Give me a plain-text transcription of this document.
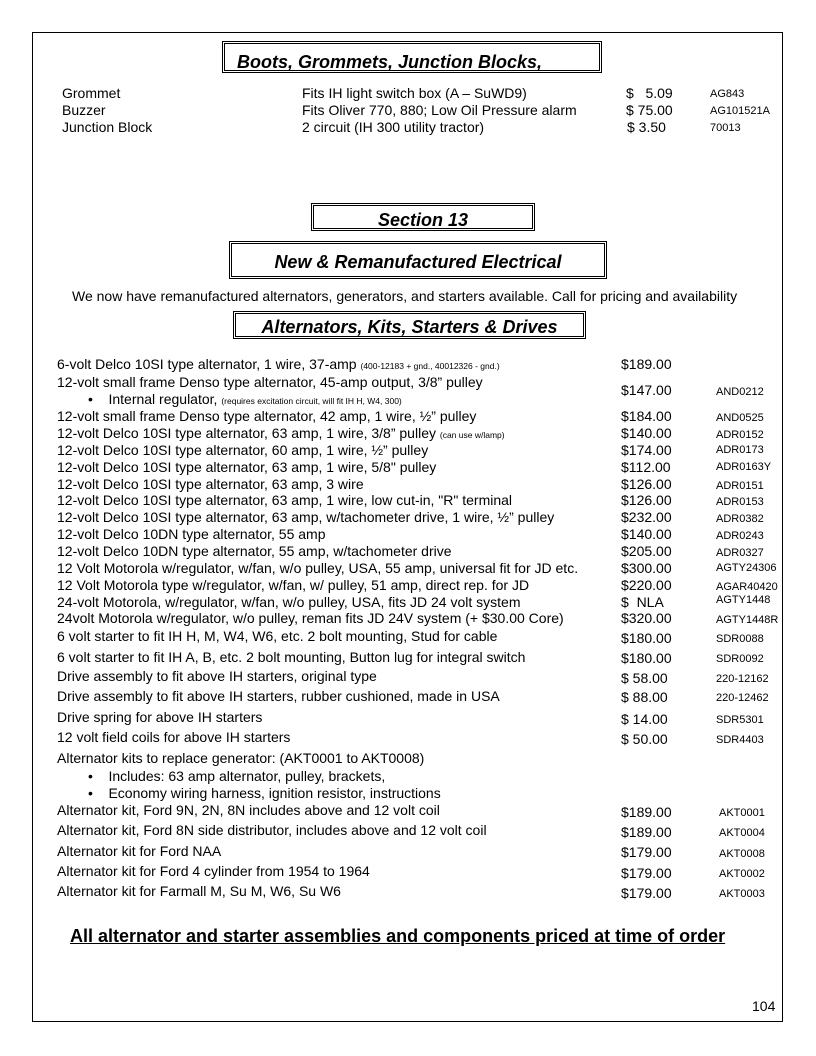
Boots, Grommets, Junction Blocks,
Grommet	Fits IH light switch box (A – SuWD9)	$   5.09	AG843
Buzzer	Fits Oliver 770, 880; Low Oil Pressure alarm	$ 75.00	AG101521A
Junction Block	2 circuit (IH 300 utility tractor)	$ 3.50	70013
Section 13
New & Remanufactured Electrical
We now have remanufactured alternators, generators, and starters available. Call for pricing and availability
Alternators, Kits, Starters & Drives
6-volt Delco 10SI type alternator, 1 wire, 37-amp (400-12183 + gnd., 40012326 - gnd.)	$189.00
12-volt small frame Denso type alternator, 45-amp output, 3/8” pulley	$147.00	AND0212
• Internal regulator, (requires excitation circuit, will fit IH H, W4, 300)
12-volt small frame Denso type alternator, 42 amp, 1 wire, ½” pulley	$184.00	AND0525
12-volt Delco 10SI type alternator, 63 amp, 1 wire, 3/8” pulley (can use w/lamp)	$140.00	ADR0152
12-volt Delco 10SI type alternator, 60 amp, 1 wire, ½” pulley	$174.00	ADR0173
12-volt Delco 10SI type alternator, 63 amp, 1 wire, 5/8" pulley	$112.00	ADR0163Y
12-volt Delco 10SI type alternator, 63 amp, 3 wire	$126.00	ADR0151
12-volt Delco 10SI type alternator, 63 amp, 1 wire, low cut-in, "R" terminal	$126.00	ADR0153
12-volt Delco 10SI type alternator, 63 amp, w/tachometer drive, 1 wire, ½” pulley	$232.00	ADR0382
12-volt Delco 10DN type alternator, 55 amp	$140.00	ADR0243
12-volt Delco 10DN type alternator, 55 amp, w/tachometer drive	$205.00	ADR0327
12 Volt Motorola w/regulator, w/fan, w/o pulley, USA, 55 amp, universal fit for JD etc.	$300.00	AGTY24306
12 Volt Motorola type w/regulator, w/fan, w/ pulley, 51 amp, direct rep. for JD	$220.00	AGAR40420
24-volt Motorola, w/regulator, w/fan, w/o pulley, USA, fits JD 24 volt system	$  NLA	AGTY1448
24volt Motorola w/regulator, w/o pulley, reman fits JD 24V system (+ $30.00 Core)	$320.00	AGTY1448R
6 volt starter to fit IH H, M, W4, W6, etc. 2 bolt mounting, Stud for cable	$180.00	SDR0088
6 volt starter to fit IH A, B, etc. 2 bolt mounting, Button lug for integral switch	$180.00	SDR0092
Drive assembly to fit above IH starters, original type	$ 58.00	220-12162
Drive assembly to fit above IH starters, rubber cushioned, made in USA	$ 88.00	220-12462
Drive spring for above IH starters	$ 14.00	SDR5301
12 volt field coils for above IH starters	$ 50.00	SDR4403
Alternator kits to replace generator: (AKT0001 to AKT0008)
• Includes: 63 amp alternator, pulley, brackets,
• Economy wiring harness, ignition resistor, instructions
Alternator kit, Ford 9N, 2N, 8N includes above and 12 volt coil	$189.00	AKT0001
Alternator kit, Ford 8N side distributor, includes above and 12 volt coil	$189.00	AKT0004
Alternator kit for Ford NAA	$179.00	AKT0008
Alternator kit for Ford 4 cylinder from 1954 to 1964	$179.00	AKT0002
Alternator kit for Farmall M, Su M, W6, Su W6	$179.00	AKT0003
All alternator and starter assemblies and components priced at time of order
104
